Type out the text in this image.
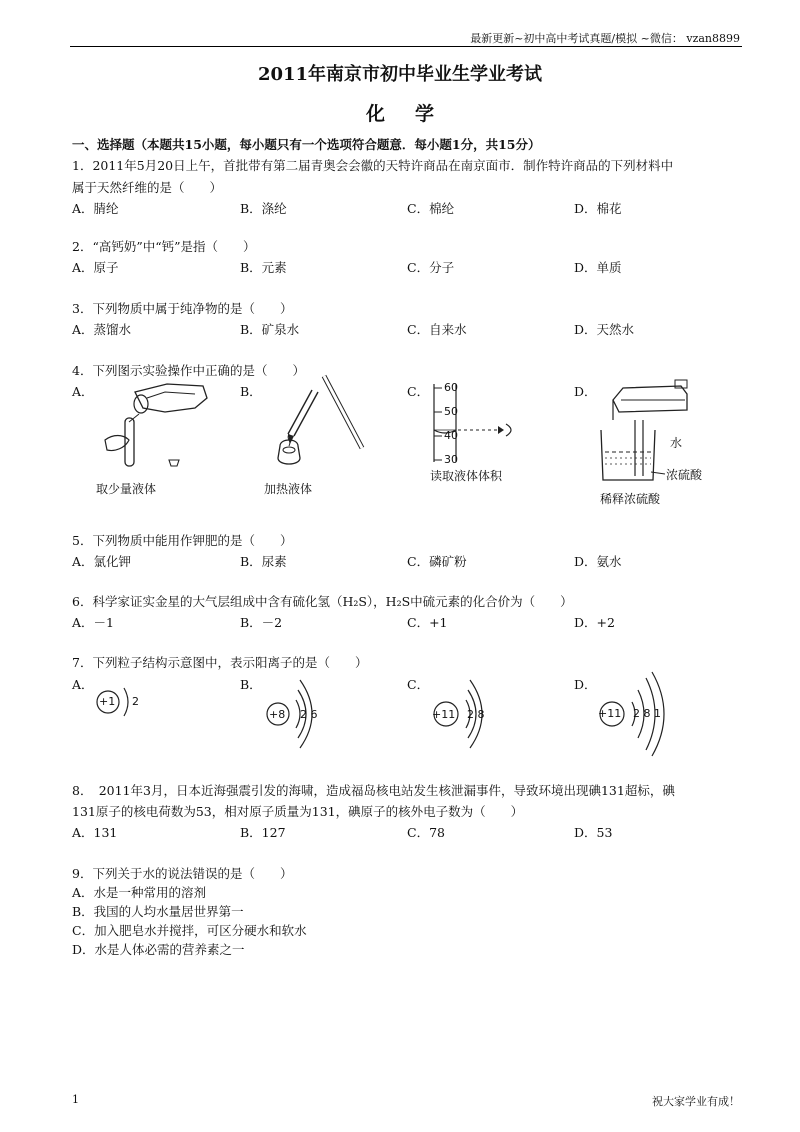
最新更新~初中高中考试真题/模拟 ~微信： vzan8899
2011年南京市初中毕业生学业考试
化学
一、选择题（本题共15小题，每小题只有一个选项符合题意．每小题1分，共15分）
1．2011年5月20日上午，首批带有第二届青奥会会徽的天特许商品在南京面市．制作特许商品的下列材料中
属于天然纤维的是（　　）
A．腈纶	B．涤纶	C．棉纶	D．棉花
2．“高钙奶”中“钙”是指（　　）
A．原子	B．元素	C．分子	D．单质
3．下列物质中属于纯净物的是（　　）
A．蒸馏水	B．矿泉水	C．自来水	D．天然水
4．下列图示实验操作中正确的是（　　）
A．	B．	C．	D．
取少量液体	加热液体
60
50
40
30
读取液体体积
水
浓硫酸
稀释浓硫酸
5．下列物质中能用作钾肥的是（　　）
A．氯化钾	B．尿素	C．磷矿粉	D．氨水
6．科学家证实金星的大气层组成中含有硫化氢（H₂S），H₂S中硫元素的化合价为（　　）
A．－1	B．－2	C．+1	D．+2
7．下列粒子结构示意图中，表示阳离子的是（　　）
A．	B．	C．	D．
+1 2
+8 2 6	+11 2 8	+11 2 8 1
8．　2011年3月，日本近海强震引发的海啸，造成福岛核电站发生核泄漏事件，导致环境出现碘131超标，碘
131原子的核电荷数为53，相对原子质量为131，碘原子的核外电子数为（　　）
A．131	B．127	C．78	D．53
9．下列关于水的说法错误的是（　　）
A．水是一种常用的溶剂
B．我国的人均水量居世界第一
C．加入肥皂水并搅拌，可区分硬水和软水
D．水是人体必需的营养素之一
1	祝大家学业有成！
